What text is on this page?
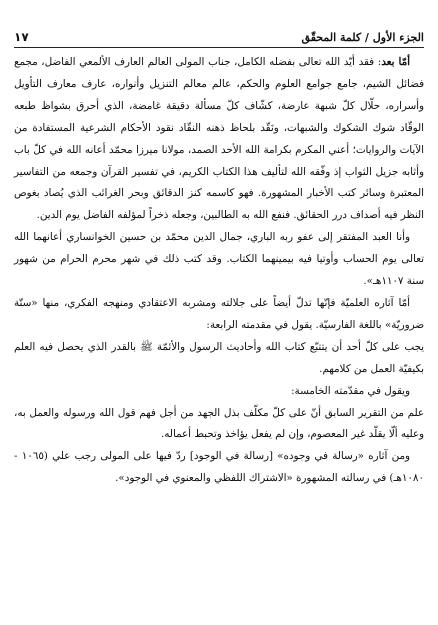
الجزء الأول / كلمة المحقّق
١٧

أمّا بعد: فقد أيّد الله تعالى بفضله الكامل، جناب المولى العالم العارف الألمعي الفاضل، مجمع فضائل الشيم، جامع جوامع العلوم والحكم، عالم معالم التنزيل وأنواره، عارف معارف التأويل وأسراره، حلّال كلّ شبهة عارضة، كشّاف كلّ مسألة دقيقة غامضة، الذي أحرق بشواظ طبعه الوقّاد شوك الشكوك والشبهات، ونَقّد بلحاظ ذهنه النقّاد نقود الأحكام الشرعية المستفادة من الآيات والروايات؛ أعني المكرم بكرامة الله الأحد الصمد، مولانا ميرزا محمّد أعانه الله في كلّ باب وأثابه جزيل الثواب إذ وفّقه الله لتأليف هذا الكتاب الكريم، في تفسير القرآن وجمعه من التفاسير المعتبرة وسائر كتب الأخبار المشهورة. فهو كاسمه كنز الدقائق وبحر الغرائب الذي يُصاد بغوص النظر فيه أصداف درر الحقائق. فنفع الله به الطالبين، وجعله ذخراً لمؤلفه الفاضل يوم الدين.

وأنا العبد المفتقر إلى عفو ربه الباري، جمال الدين محمّد بن حسين الخوانساري أعانهما الله تعالى يوم الحساب وأوتيا فيه بيمينهما الكتاب. وقد كتب ذلك في شهر محرم الحرام من شهور سنة ١١٠٧هـ».

أمّا آثاره العلميّة فإنّها تدلّ أيضاً على جلالته ومشربه الاعتقادي ومنهجه الفكري، منها «ستّة ضروريّة» باللغة الفارسيّة. يقول في مقدمته الرابعة:

يجب على كلّ أحد أن يتتبّع كتاب الله وأحاديث الرسول والأئمّة ﷺ بالقدر الذي يحصل فيه العلم بكيفيّة العمل من كلامهم.

ويقول في مقدّمته الخامسة:

علم من التقرير السابق أنّ على كلّ مكلّف بذل الجهد من أجل فهم قول الله ورسوله والعمل به، وعليه ألّا يقلّد غير المعصوم، وإن لم يفعل يؤاخذ وتحبط أعماله.

ومن آثاره «رسالة في وجوده» [رسالة في الوجود] ردّ فيها على المولى رجب علي (١٠٦٥ - ١٠٨٠هـ) في رسالته المشهورة «الاشتراك اللفظي والمعنوي في الوجود».
